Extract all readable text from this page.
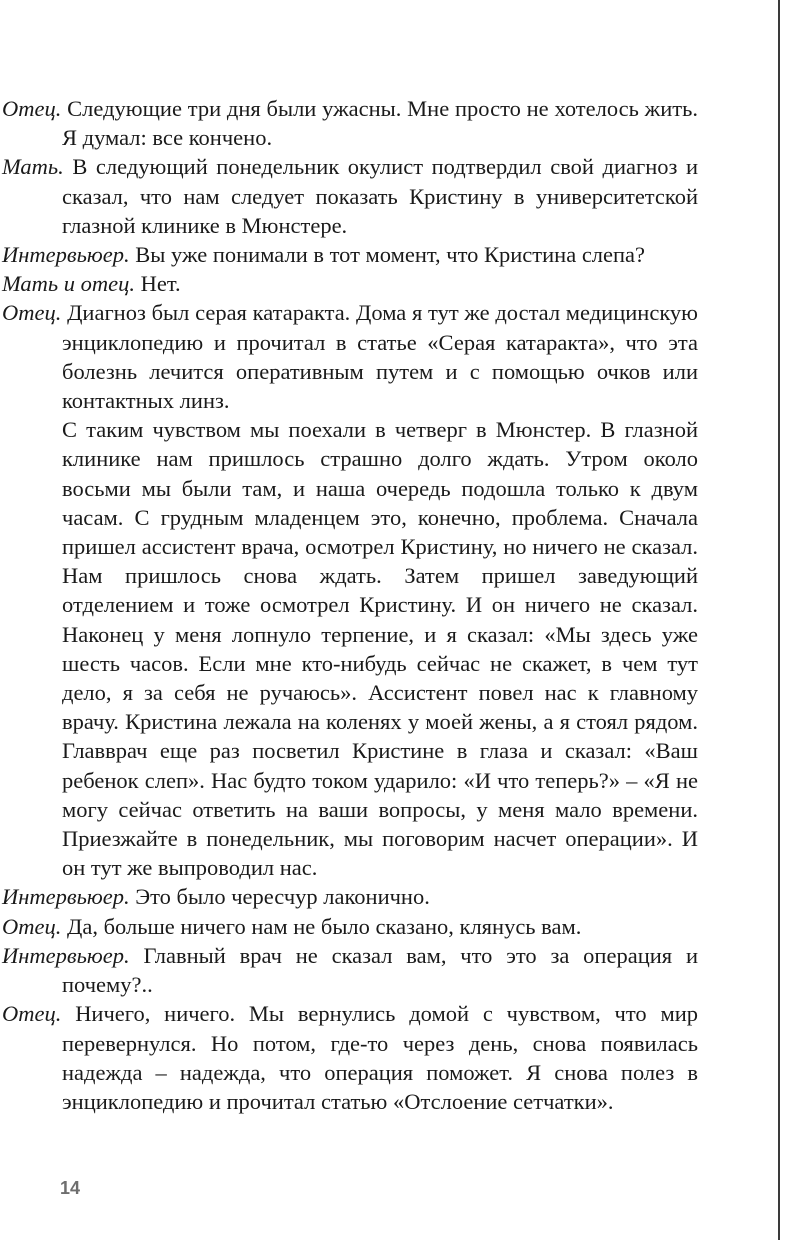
Отец. Следующие три дня были ужасны. Мне просто не хотелось жить. Я думал: все кончено.

Мать. В следующий понедельник окулист подтвердил свой диагноз и сказал, что нам следует показать Кристину в университетской глазной клинике в Мюнстере.

Интервьюер. Вы уже понимали в тот момент, что Кристина слепа?

Мать и отец. Нет.

Отец. Диагноз был серая катаракта. Дома я тут же достал медицинскую энциклопедию и прочитал в статье «Серая катаракта», что эта болезнь лечится оперативным путем и с помощью очков или контактных линз.

С таким чувством мы поехали в четверг в Мюнстер. В глазной клинике нам пришлось страшно долго ждать. Утром около восьми мы были там, и наша очередь подошла только к двум часам. С грудным младенцем это, конечно, проблема. Сначала пришел ассистент врача, осмотрел Кристину, но ничего не сказал. Нам пришлось снова ждать. Затем пришел заведующий отделением и тоже осмотрел Кристину. И он ничего не сказал. Наконец у меня лопнуло терпение, и я сказал: «Мы здесь уже шесть часов. Если мне кто-нибудь сейчас не скажет, в чем тут дело, я за себя не ручаюсь». Ассистент повел нас к главному врачу. Кристина лежала на коленях у моей жены, а я стоял рядом. Главврач еще раз посветил Кристине в глаза и сказал: «Ваш ребенок слеп». Нас будто током ударило: «И что теперь?» – «Я не могу сейчас ответить на ваши вопросы, у меня мало времени. Приезжайте в понедельник, мы поговорим насчет операции». И он тут же выпроводил нас.

Интервьюер. Это было чересчур лаконично.

Отец. Да, больше ничего нам не было сказано, клянусь вам.

Интервьюер. Главный врач не сказал вам, что это за операция и почему?..

Отец. Ничего, ничего. Мы вернулись домой с чувством, что мир перевернулся. Но потом, где-то через день, снова появилась надежда – надежда, что операция поможет. Я снова полез в энциклопедию и прочитал статью «Отслоение сетчатки».

14
